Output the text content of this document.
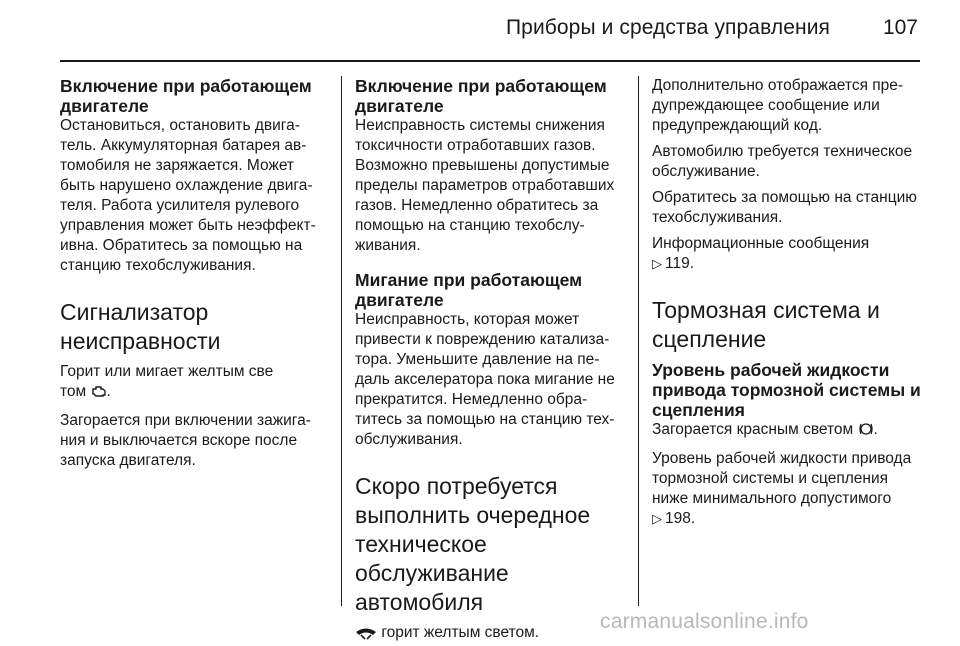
Приборы и средства управления	107

Включение при работающем двигателе

Остановиться, остановить двигатель. Аккумуляторная батарея автомобиля не заряжается. Может быть нарушено охлаждение двигателя. Работа усилителя рулевого управления может быть неэффективна. Обратитесь за помощью на станцию техобслуживания.

Сигнализатор
неисправности

Горит или мигает желтым све
том .

Загорается при включении зажигания и выключается вскоре после запуска двигателя.

Включение при работающем двигателе

Неисправность системы снижения токсичности отработавших газов. Возможно превышены допустимые пределы параметров отработавших газов. Немедленно обратитесь за помощью на станцию техобслуживания.

Мигание при работающем двигателе

Неисправность, которая может привести к повреждению катализатора. Уменьшите давление на педаль акселератора пока мигание не прекратится. Немедленно обратитесь за помощью на станцию техобслуживания.

Скоро потребуется
выполнить очередное
техническое
обслуживание
автомобиля

горит желтым светом.

Дополнительно отображается предупреждающее сообщение или предупреждающий код.

Автомобилю требуется техническое обслуживание.

Обратитесь за помощью на станцию техобслуживания.

Информационные сообщения
▷ 119.

Тормозная система и
сцепление

Уровень рабочей жидкости привода тормозной системы и сцепления

Загорается красным светом .

Уровень рабочей жидкости привода тормозной системы и сцепления ниже минимального допустимого ▷ 198.

carmanualsonline.info
